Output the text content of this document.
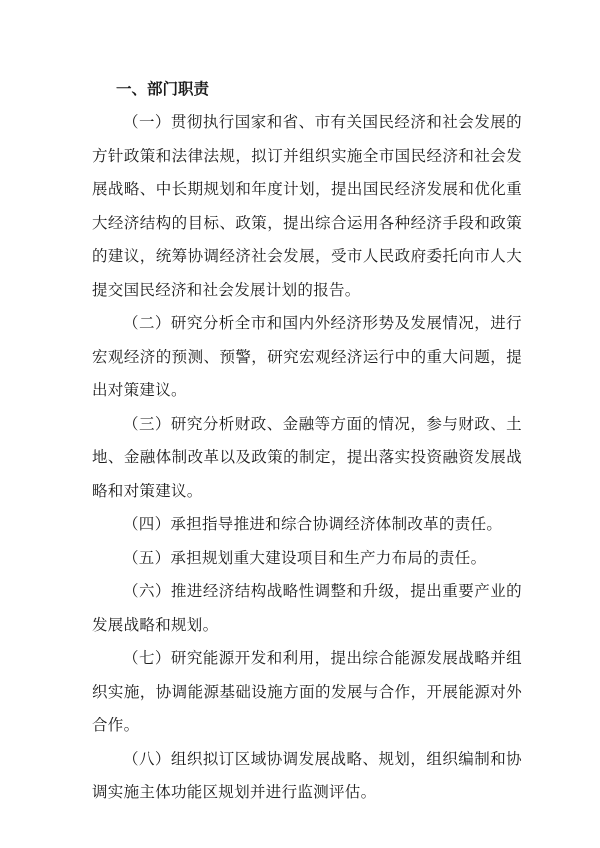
一、部门职责

（一）贯彻执行国家和省、市有关国民经济和社会发展的方针政策和法律法规，拟订并组织实施全市国民经济和社会发展战略、中长期规划和年度计划，提出国民经济发展和优化重大经济结构的目标、政策，提出综合运用各种经济手段和政策的建议，统筹协调经济社会发展，受市人民政府委托向市人大提交国民经济和社会发展计划的报告。

（二）研究分析全市和国内外经济形势及发展情况，进行宏观经济的预测、预警，研究宏观经济运行中的重大问题，提出对策建议。

（三）研究分析财政、金融等方面的情况，参与财政、土地、金融体制改革以及政策的制定，提出落实投资融资发展战略和对策建议。

（四）承担指导推进和综合协调经济体制改革的责任。

（五）承担规划重大建设项目和生产力布局的责任。

（六）推进经济结构战略性调整和升级，提出重要产业的发展战略和规划。

（七）研究能源开发和利用，提出综合能源发展战略并组织实施，协调能源基础设施方面的发展与合作，开展能源对外合作。

（八）组织拟订区域协调发展战略、规划，组织编制和协调实施主体功能区规划并进行监测评估。
